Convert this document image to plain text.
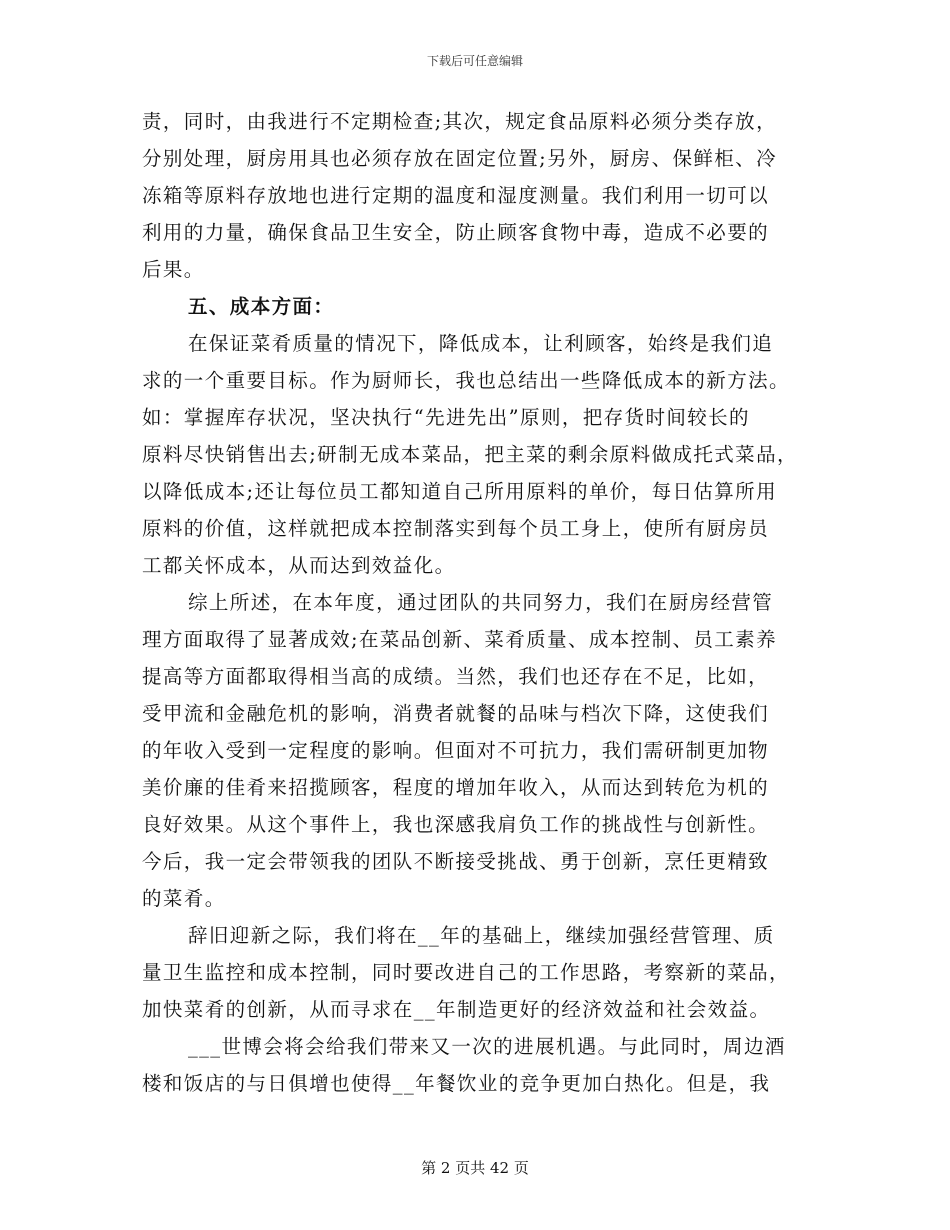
下载后可任意编辑
责，同时，由我进行不定期检查;其次，规定食品原料必须分类存放，
分别处理，厨房用具也必须存放在固定位置;另外，厨房、保鲜柜、冷
冻箱等原料存放地也进行定期的温度和湿度测量。我们利用一切可以
利用的力量，确保食品卫生安全，防止顾客食物中毒，造成不必要的
后果。
五、成本方面：
在保证菜肴质量的情况下，降低成本，让利顾客，始终是我们追
求的一个重要目标。作为厨师长，我也总结出一些降低成本的新方法。
如：掌握库存状况，坚决执行“先进先出”原则，把存货时间较长的
原料尽快销售出去;研制无成本菜品，把主菜的剩余原料做成托式菜品，
以降低成本;还让每位员工都知道自己所用原料的单价，每日估算所用
原料的价值，这样就把成本控制落实到每个员工身上，使所有厨房员
工都关怀成本，从而达到效益化。
综上所述，在本年度，通过团队的共同努力，我们在厨房经营管
理方面取得了显著成效;在菜品创新、菜肴质量、成本控制、员工素养
提高等方面都取得相当高的成绩。当然，我们也还存在不足，比如，
受甲流和金融危机的影响，消费者就餐的品味与档次下降，这使我们
的年收入受到一定程度的影响。但面对不可抗力，我们需研制更加物
美价廉的佳肴来招揽顾客，程度的增加年收入，从而达到转危为机的
良好效果。从这个事件上，我也深感我肩负工作的挑战性与创新性。
今后，我一定会带领我的团队不断接受挑战、勇于创新，烹任更精致
的菜肴。
辞旧迎新之际，我们将在__年的基础上，继续加强经营管理、质
量卫生监控和成本控制，同时要改进自己的工作思路，考察新的菜品，
加快菜肴的创新，从而寻求在__年制造更好的经济效益和社会效益。
___世博会将会给我们带来又一次的进展机遇。与此同时，周边酒
楼和饭店的与日俱增也使得__年餐饮业的竞争更加白热化。但是，我
第 2 页共 42 页
